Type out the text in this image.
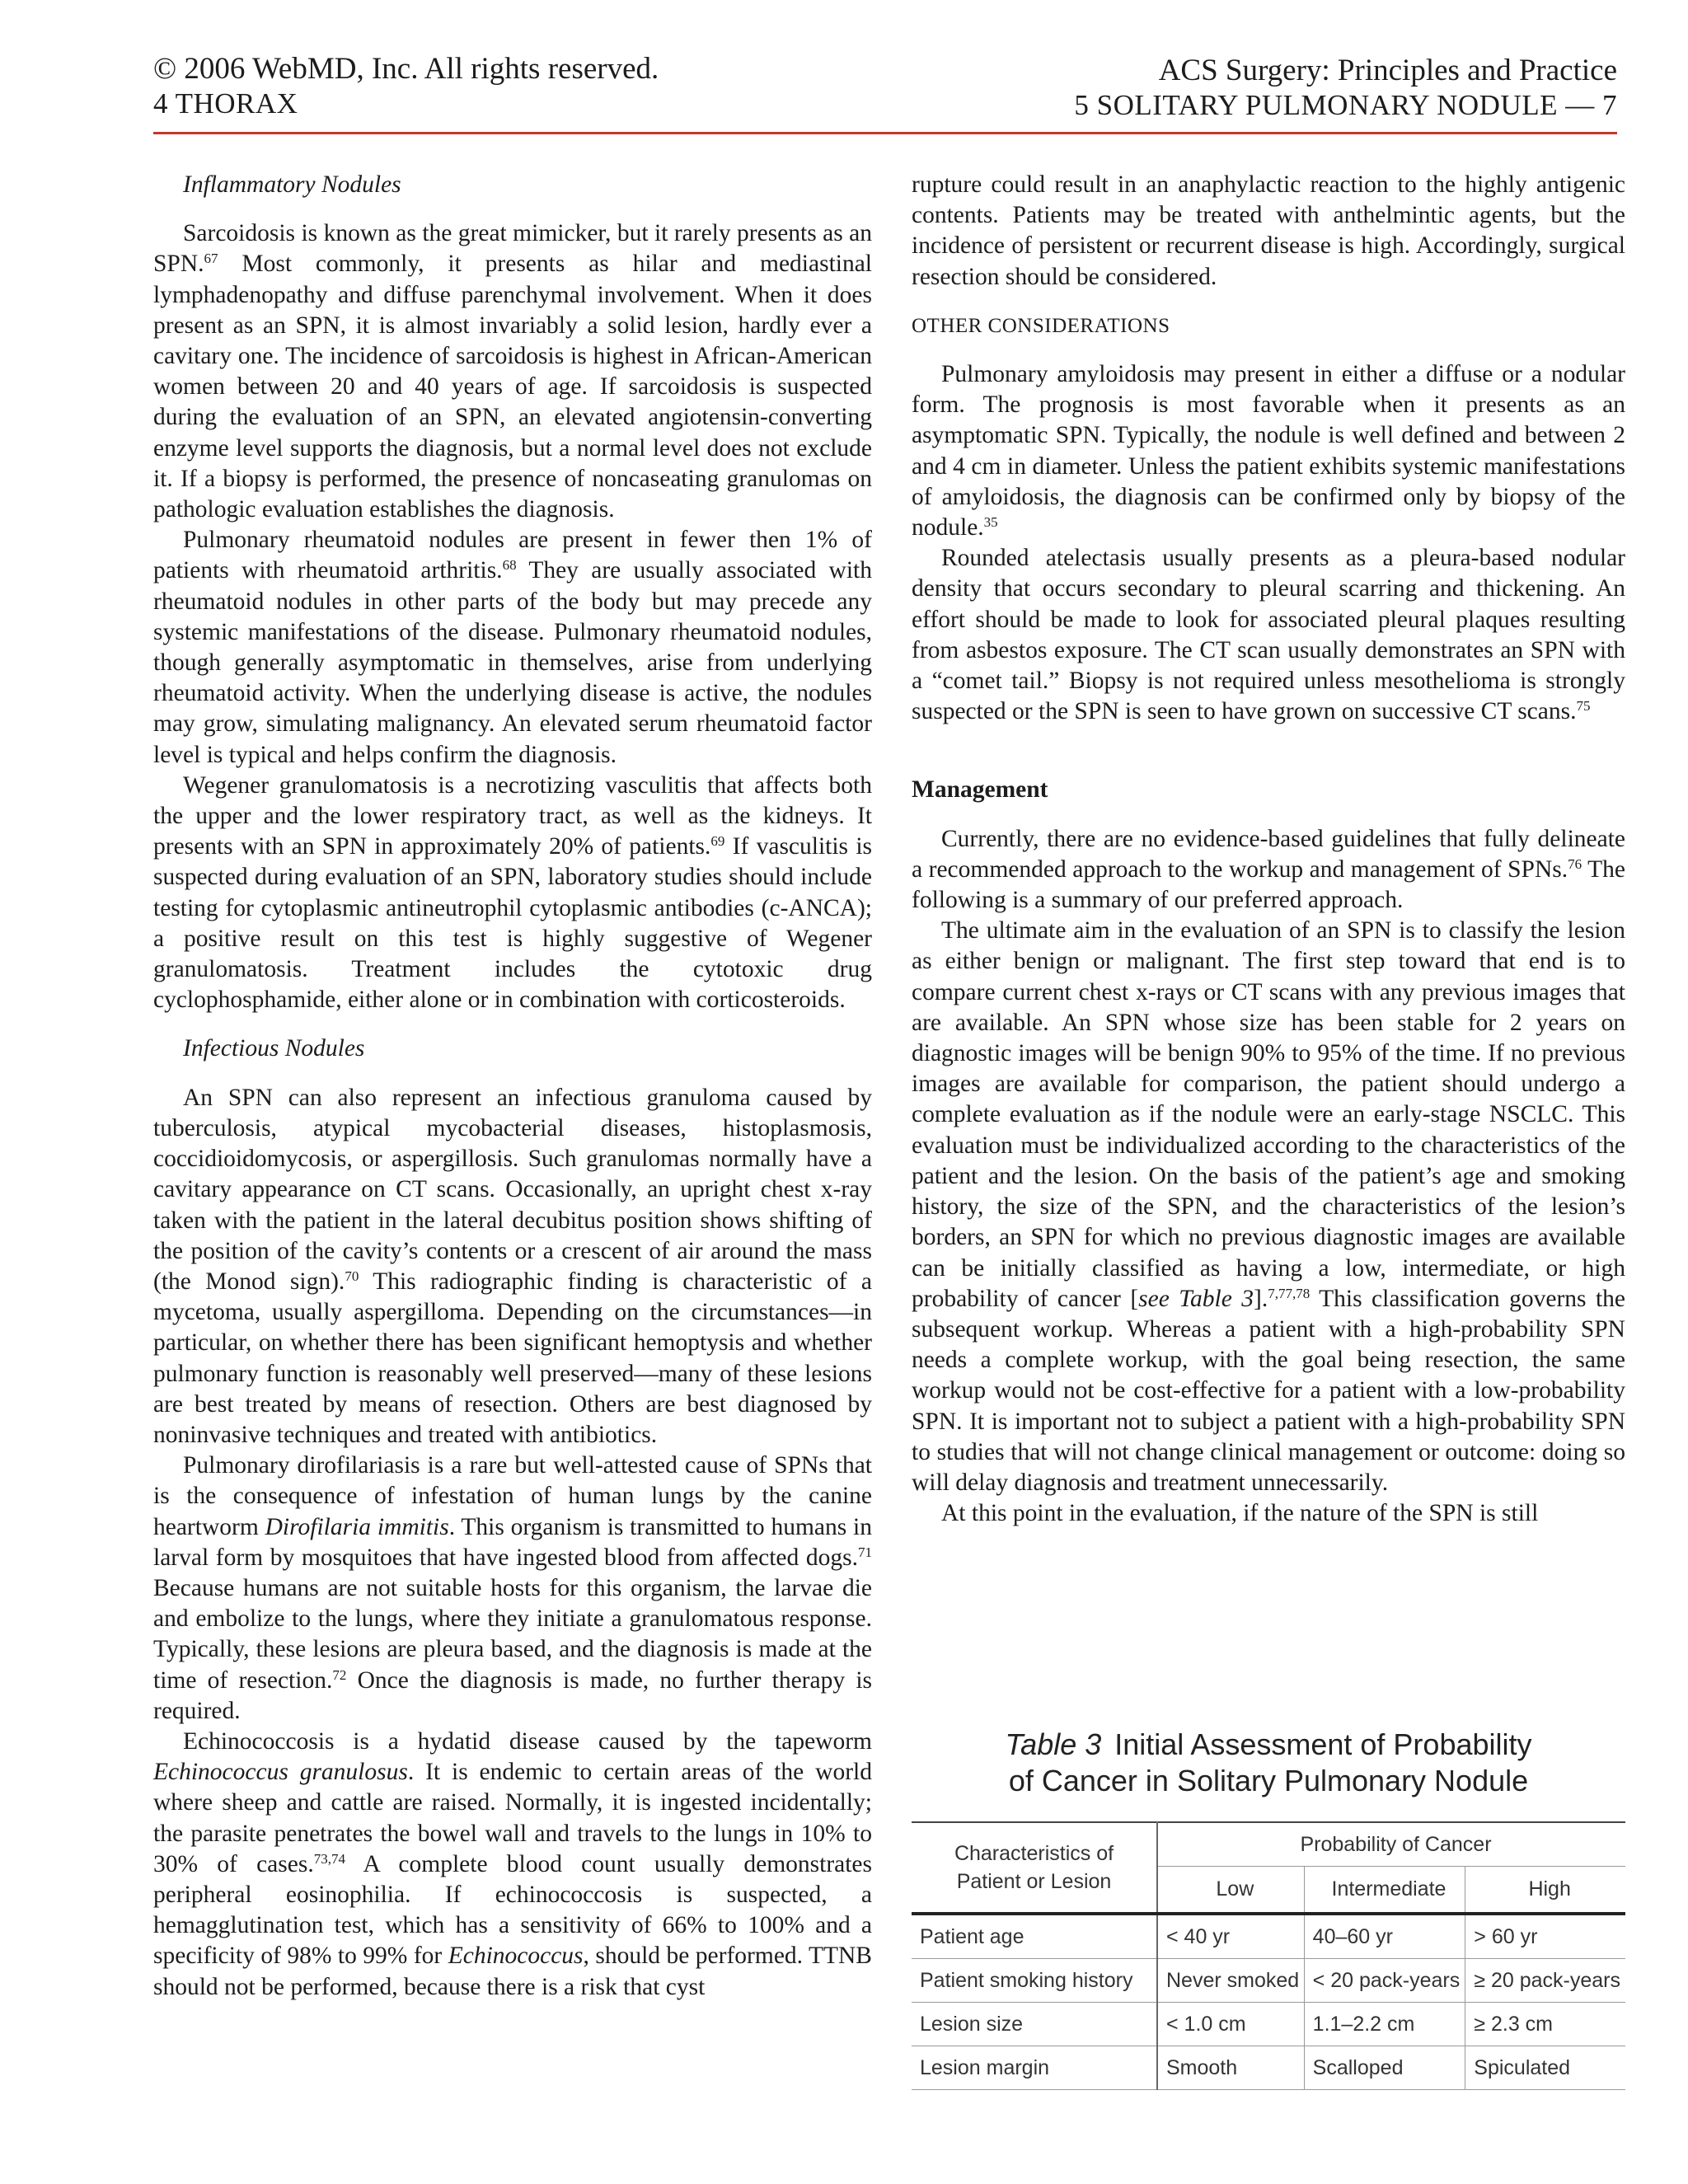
© 2006 WebMD, Inc. All rights reserved.
4 THORAX
ACS Surgery: Principles and Practice
5 SOLITARY PULMONARY NODULE — 7
Inflammatory Nodules

Sarcoidosis is known as the great mimicker, but it rarely presents as an SPN.$^{67}$ Most commonly, it presents as hilar and mediastinal lymphadenopathy and diffuse parenchymal involvement. When it does present as an SPN, it is almost invariably a solid lesion, hardly ever a cavitary one. The incidence of sarcoidosis is highest in African-American women between 20 and 40 years of age. If sarcoidosis is suspected during the evaluation of an SPN, an elevated angiotensin-converting enzyme level supports the diagnosis, but a normal level does not exclude it. If a biopsy is performed, the presence of noncaseating granulomas on pathologic evaluation establishes the diagnosis.

Pulmonary rheumatoid nodules are present in fewer then 1% of patients with rheumatoid arthritis.$^{68}$ They are usually associated with rheumatoid nodules in other parts of the body but may precede any systemic manifestations of the disease. Pulmonary rheumatoid nodules, though generally asymptomatic in themselves, arise from underlying rheumatoid activity. When the underlying disease is active, the nodules may grow, simulating malignancy. An elevated serum rheumatoid factor level is typical and helps confirm the diagnosis.

Wegener granulomatosis is a necrotizing vasculitis that affects both the upper and the lower respiratory tract, as well as the kidneys. It presents with an SPN in approximately 20% of patients.$^{69}$ If vasculitis is suspected during evaluation of an SPN, laboratory studies should include testing for cytoplasmic antineutrophil cytoplasmic antibodies (c-ANCA); a positive result on this test is highly suggestive of Wegener granulomatosis. Treatment includes the cytotoxic drug cyclophosphamide, either alone or in combination with corticosteroids.

Infectious Nodules

An SPN can also represent an infectious granuloma caused by tuberculosis, atypical mycobacterial diseases, histoplasmosis, coccidioidomycosis, or aspergillosis. Such granulomas normally have a cavitary appearance on CT scans. Occasionally, an upright chest x-ray taken with the patient in the lateral decubitus position shows shifting of the position of the cavity’s contents or a crescent of air around the mass (the Monod sign).$^{70}$ This radiographic finding is characteristic of a mycetoma, usually aspergilloma. Depending on the circumstances—in particular, on whether there has been significant hemoptysis and whether pulmonary function is reasonably well preserved—many of these lesions are best treated by means of resection. Others are best diagnosed by noninvasive techniques and treated with antibiotics.

Pulmonary dirofilariasis is a rare but well-attested cause of SPNs that is the consequence of infestation of human lungs by the canine heartworm Dirofilaria immitis. This organism is transmitted to humans in larval form by mosquitoes that have ingested blood from affected dogs.$^{71}$ Because humans are not suitable hosts for this organism, the larvae die and embolize to the lungs, where they initiate a granulomatous response. Typically, these lesions are pleura based, and the diagnosis is made at the time of resection.$^{72}$ Once the diagnosis is made, no further therapy is required.

Echinococcosis is a hydatid disease caused by the tapeworm Echinococcus granulosus. It is endemic to certain areas of the world where sheep and cattle are raised. Normally, it is ingested incidentally; the parasite penetrates the bowel wall and travels to the lungs in 10% to 30% of cases.$^{73,74}$ A complete blood count usually demonstrates peripheral eosinophilia. If echinococcosis is suspected, a hemagglutination test, which has a sensitivity of 66% to 100% and a specificity of 98% to 99% for Echinococcus, should be performed. TTNB should not be performed, because there is a risk that cyst

rupture could result in an anaphylactic reaction to the highly antigenic contents. Patients may be treated with anthelmintic agents, but the incidence of persistent or recurrent disease is high. Accordingly, surgical resection should be considered.

OTHER CONSIDERATIONS

Pulmonary amyloidosis may present in either a diffuse or a nodular form. The prognosis is most favorable when it presents as an asymptomatic SPN. Typically, the nodule is well defined and between 2 and 4 cm in diameter. Unless the patient exhibits systemic manifestations of amyloidosis, the diagnosis can be confirmed only by biopsy of the nodule.$^{35}$

Rounded atelectasis usually presents as a pleura-based nodular density that occurs secondary to pleural scarring and thickening. An effort should be made to look for associated pleural plaques resulting from asbestos exposure. The CT scan usually demonstrates an SPN with a “comet tail.” Biopsy is not required unless mesothelioma is strongly suspected or the SPN is seen to have grown on successive CT scans.$^{75}$

Management

Currently, there are no evidence-based guidelines that fully delineate a recommended approach to the workup and management of SPNs.$^{76}$ The following is a summary of our preferred approach.

The ultimate aim in the evaluation of an SPN is to classify the lesion as either benign or malignant. The first step toward that end is to compare current chest x-rays or CT scans with any previous images that are available. An SPN whose size has been stable for 2 years on diagnostic images will be benign 90% to 95% of the time. If no previous images are available for comparison, the patient should undergo a complete evaluation as if the nodule were an early-stage NSCLC. This evaluation must be individualized according to the characteristics of the patient and the lesion. On the basis of the patient’s age and smoking history, the size of the SPN, and the characteristics of the lesion’s borders, an SPN for which no previous diagnostic images are available can be initially classified as having a low, intermediate, or high probability of cancer [see Table 3].$^{7,77,78}$ This classification governs the subsequent workup. Whereas a patient with a high-probability SPN needs a complete workup, with the goal being resection, the same workup would not be cost-effective for a patient with a low-probability SPN. It is important not to subject a patient with a high-probability SPN to studies that will not change clinical management or outcome: doing so will delay diagnosis and treatment unnecessarily.

At this point in the evaluation, if the nature of the SPN is still

Table 3 Initial Assessment of Probability
of Cancer in Solitary Pulmonary Nodule
Characteristics of Patient or Lesion	Probability of Cancer		
	Low	Intermediate	High
Patient age	< 40 yr	40–60 yr	> 60 yr
Patient smoking history	Never smoked	< 20 pack-years	≥ 20 pack-years
Lesion size	< 1.0 cm	1.1–2.2 cm	≥ 2.3 cm
Lesion margin	Smooth	Scalloped	Spiculated
